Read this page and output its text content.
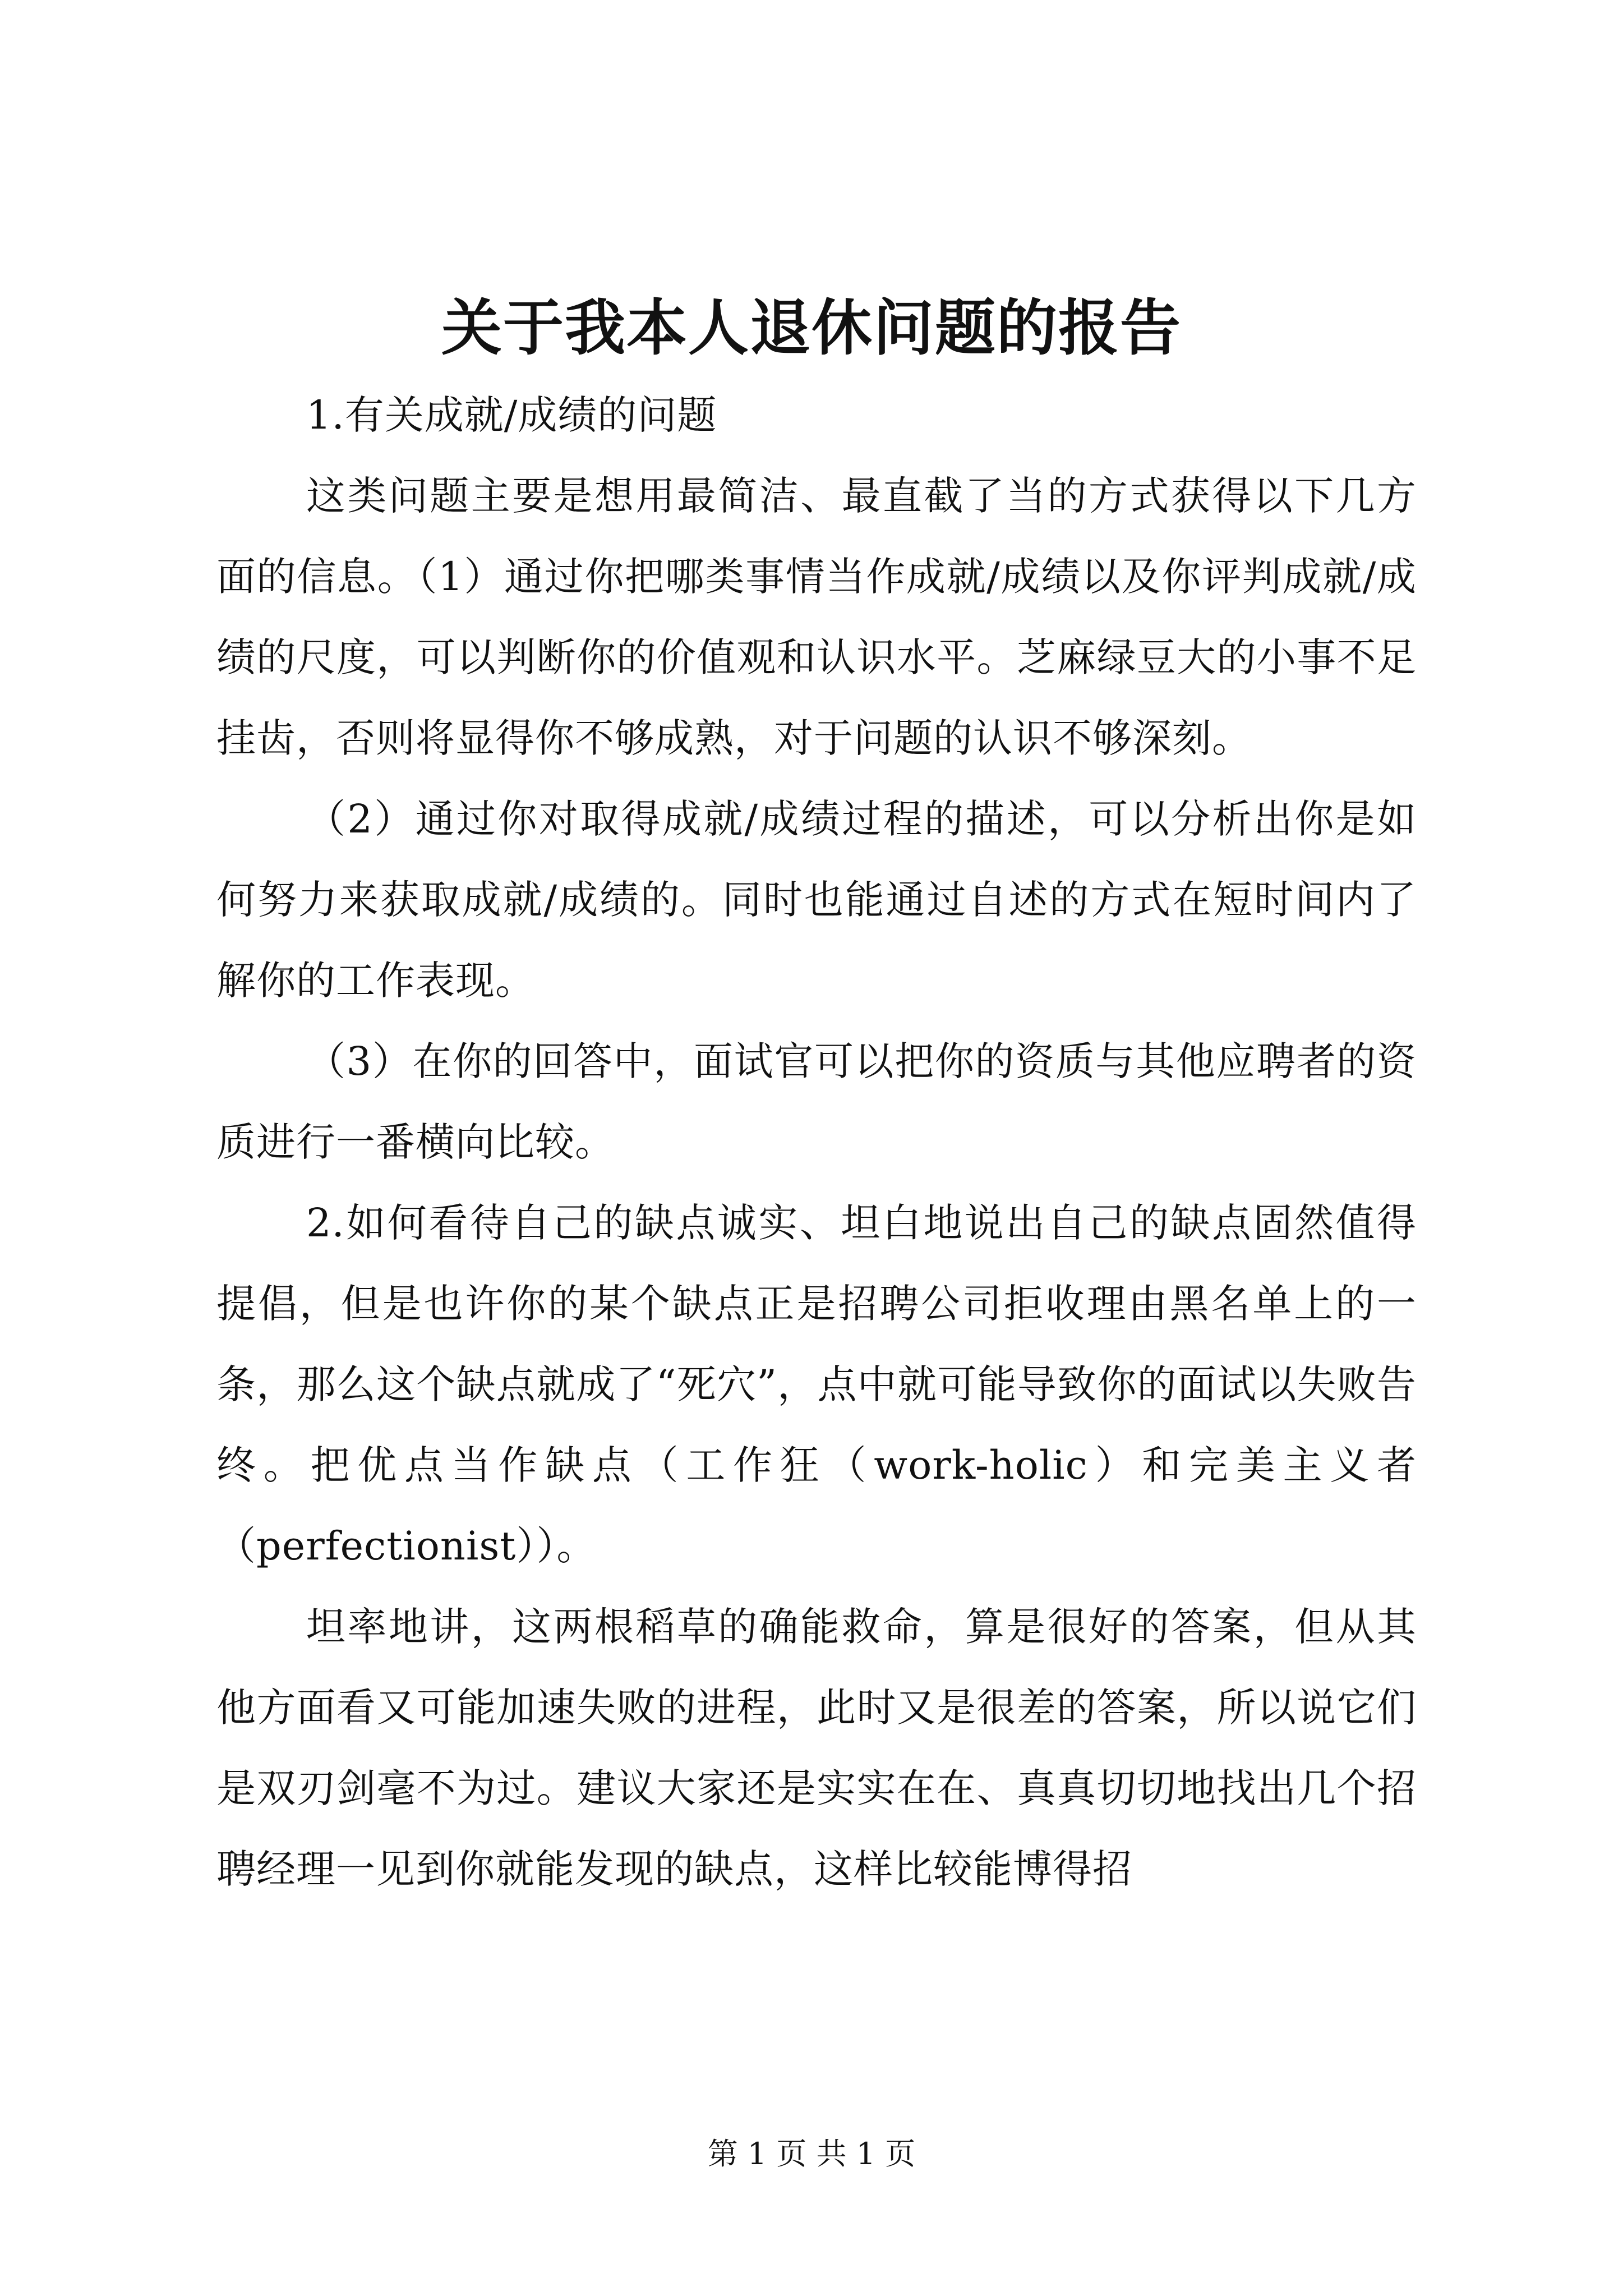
关于我本人退休问题的报告

1.有关成就/成绩的问题

这类问题主要是想用最简洁、最直截了当的方式获得以下几方面的信息。（1）通过你把哪类事情当作成就/成绩以及你评判成就/成绩的尺度，可以判断你的价值观和认识水平。芝麻绿豆大的小事不足挂齿，否则将显得你不够成熟，对于问题的认识不够深刻。

（2）通过你对取得成就/成绩过程的描述，可以分析出你是如何努力来获取成就/成绩的。同时也能通过自述的方式在短时间内了解你的工作表现。

（3）在你的回答中，面试官可以把你的资质与其他应聘者的资质进行一番横向比较。

2.如何看待自己的缺点诚实、坦白地说出自己的缺点固然值得提倡，但是也许你的某个缺点正是招聘公司拒收理由黑名单上的一条，那么这个缺点就成了“死穴”，点中就可能导致你的面试以失败告终。把优点当作缺点（工作狂（work-holic）和完美主义者（perfectionist））。

坦率地讲，这两根稻草的确能救命，算是很好的答案，但从其他方面看又可能加速失败的进程，此时又是很差的答案，所以说它们是双刃剑毫不为过。建议大家还是实实在在、真真切切地找出几个招聘经理一见到你就能发现的缺点，这样比较能博得招

第 1 页 共 1 页
